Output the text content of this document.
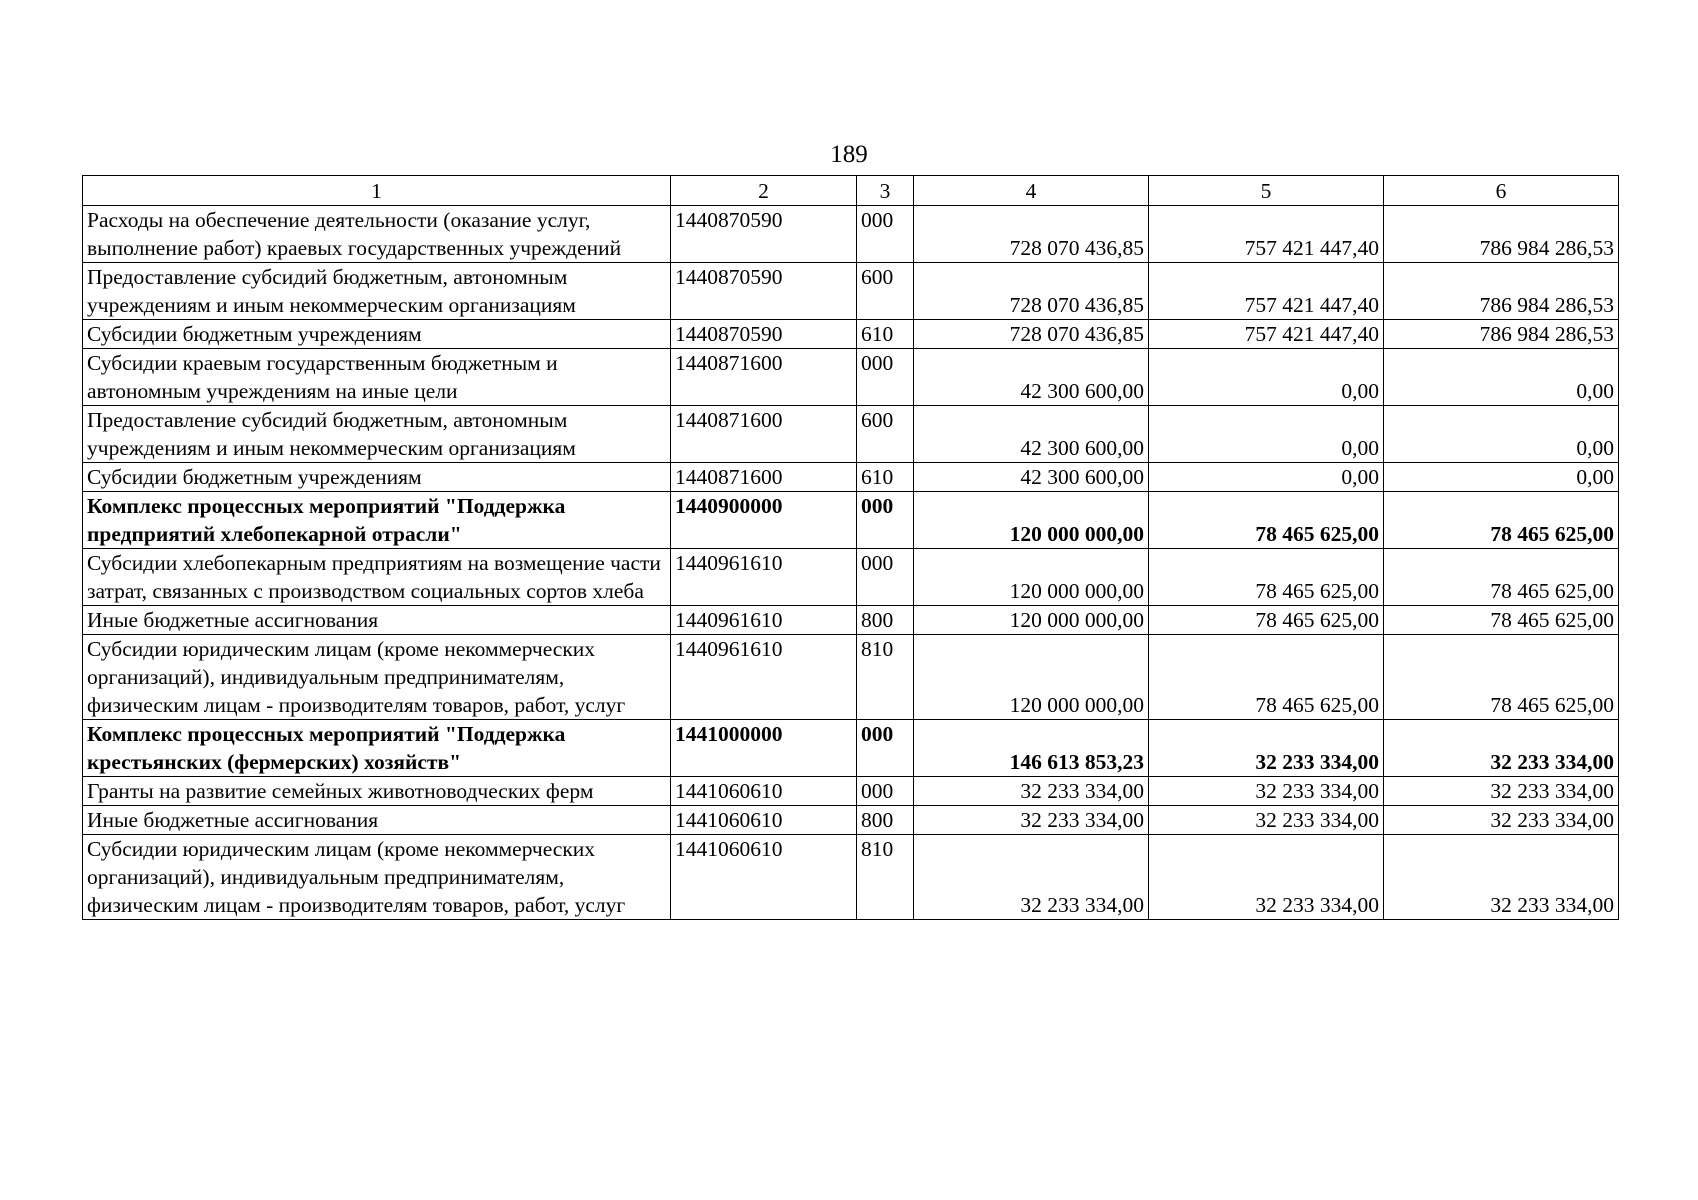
189
1	2	3	4	5	6
Расходы на обеспечение деятельности (оказание услуг, выполнение работ) краевых государственных учреждений	1440870590	000	728 070 436,85	757 421 447,40	786 984 286,53
Предоставление субсидий бюджетным, автономным учреждениям и иным некоммерческим организациям	1440870590	600	728 070 436,85	757 421 447,40	786 984 286,53
Субсидии бюджетным учреждениям	1440870590	610	728 070 436,85	757 421 447,40	786 984 286,53
Субсидии краевым государственным бюджетным и автономным учреждениям на иные цели	1440871600	000	42 300 600,00	0,00	0,00
Предоставление субсидий бюджетным, автономным учреждениям и иным некоммерческим организациям	1440871600	600	42 300 600,00	0,00	0,00
Субсидии бюджетным учреждениям	1440871600	610	42 300 600,00	0,00	0,00
Комплекс процессных мероприятий "Поддержка предприятий хлебопекарной отрасли"	1440900000	000	120 000 000,00	78 465 625,00	78 465 625,00
Субсидии хлебопекарным предприятиям на возмещение части затрат, связанных с производством социальных сортов хлеба	1440961610	000	120 000 000,00	78 465 625,00	78 465 625,00
Иные бюджетные ассигнования	1440961610	800	120 000 000,00	78 465 625,00	78 465 625,00
Субсидии юридическим лицам (кроме некоммерческих организаций), индивидуальным предпринимателям, физическим лицам - производителям товаров, работ, услуг	1440961610	810	120 000 000,00	78 465 625,00	78 465 625,00
Комплекс процессных мероприятий "Поддержка крестьянских (фермерских) хозяйств"	1441000000	000	146 613 853,23	32 233 334,00	32 233 334,00
Гранты на развитие семейных животноводческих ферм	1441060610	000	32 233 334,00	32 233 334,00	32 233 334,00
Иные бюджетные ассигнования	1441060610	800	32 233 334,00	32 233 334,00	32 233 334,00
Субсидии юридическим лицам (кроме некоммерческих организаций), индивидуальным предпринимателям, физическим лицам - производителям товаров, работ, услуг	1441060610	810	32 233 334,00	32 233 334,00	32 233 334,00
